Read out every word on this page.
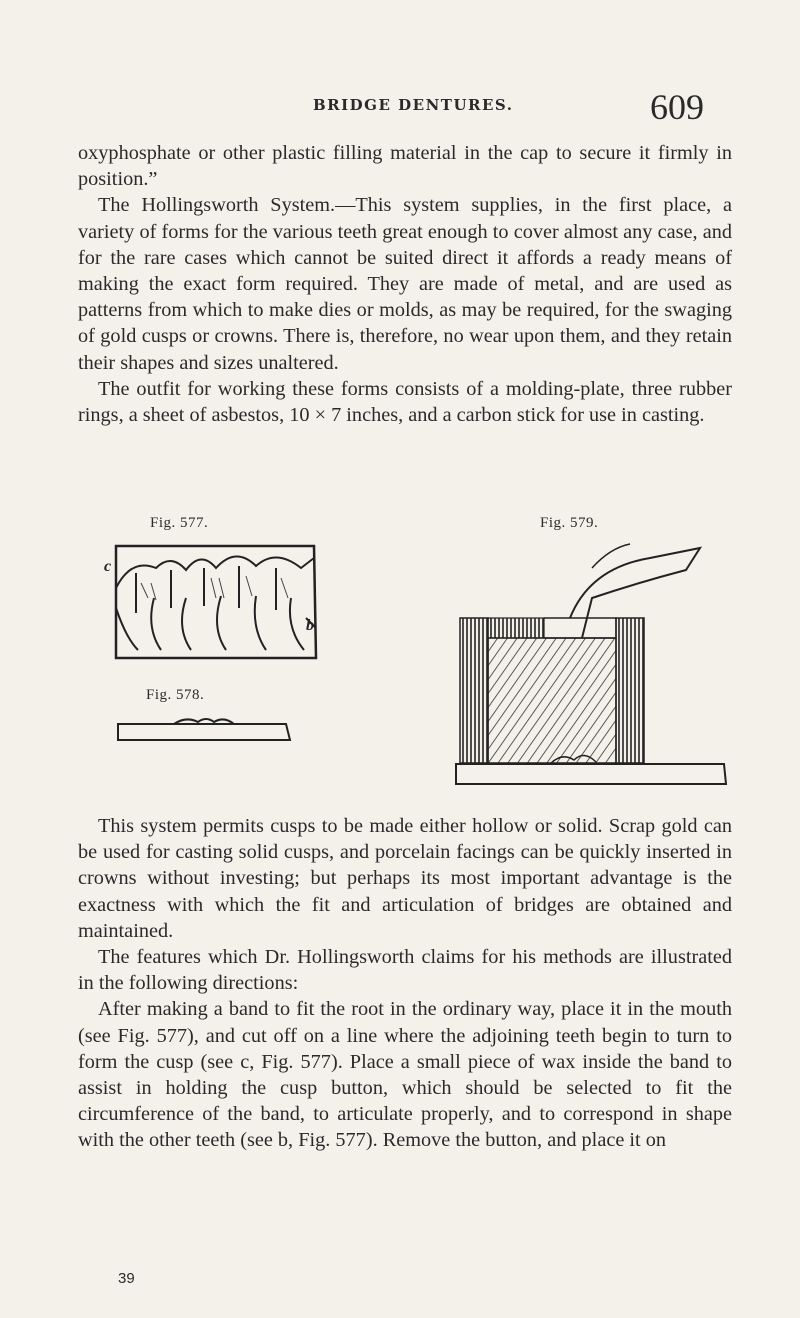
BRIDGE DENTURES.	609

oxyphosphate or other plastic filling material in the cap to secure it firmly in position.”

The Hollingsworth System.—This system supplies, in the first place, a variety of forms for the various teeth great enough to cover almost any case, and for the rare cases which cannot be suited direct it affords a ready means of making the exact form required. They are made of metal, and are used as patterns from which to make dies or molds, as may be required, for the swaging of gold cusps or crowns. There is, therefore, no wear upon them, and they retain their shapes and sizes unaltered.

The outfit for working these forms consists of a molding-plate, three rubber rings, a sheet of asbestos, 10 × 7 inches, and a carbon stick for use in casting.

Fig. 577.
c
b
Fig. 578.
Fig. 579.

This system permits cusps to be made either hollow or solid. Scrap gold can be used for casting solid cusps, and porcelain facings can be quickly inserted in crowns without investing; but perhaps its most important advantage is the exactness with which the fit and articulation of bridges are obtained and maintained.

The features which Dr. Hollingsworth claims for his methods are illustrated in the following directions:

After making a band to fit the root in the ordinary way, place it in the mouth (see Fig. 577), and cut off on a line where the adjoining teeth begin to turn to form the cusp (see c, Fig. 577). Place a small piece of wax inside the band to assist in holding the cusp button, which should be selected to fit the circumference of the band, to articulate properly, and to correspond in shape with the other teeth (see b, Fig. 577). Remove the button, and place it on

39
